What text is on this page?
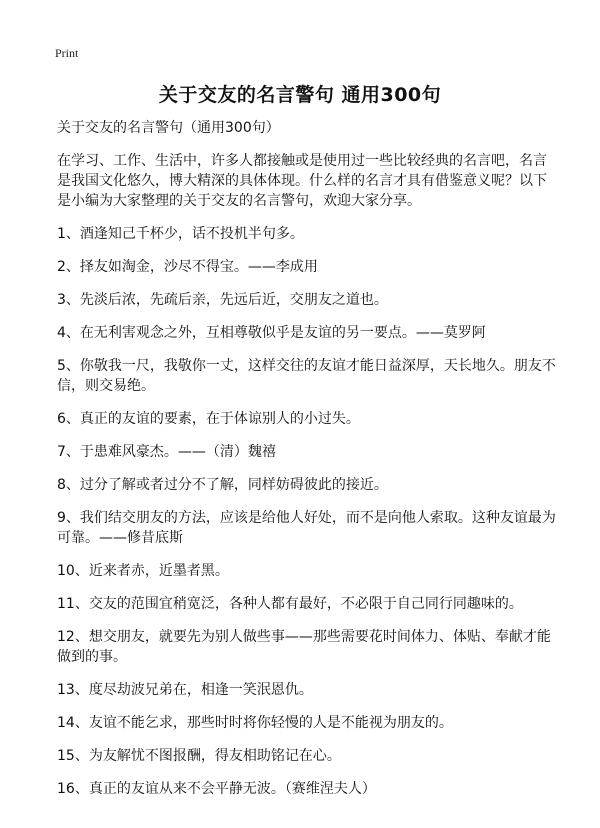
Print
关于交友的名言警句 通用300句

关于交友的名言警句（通用300句）

在学习、工作、生活中，许多人都接触或是使用过一些比较经典的名言吧，名言是我国文化悠久，博大精深的具体体现。什么样的名言才具有借鉴意义呢？以下是小编为大家整理的关于交友的名言警句，欢迎大家分享。

1、酒逢知己千杯少，话不投机半句多。

2、择友如淘金，沙尽不得宝。——李成用

3、先淡后浓，先疏后亲，先远后近，交朋友之道也。

4、在无利害观念之外，互相尊敬似乎是友谊的另一要点。——莫罗阿

5、你敬我一尺，我敬你一丈，这样交往的友谊才能日益深厚，天长地久。朋友不信，则交易绝。

6、真正的友谊的要素，在于体谅别人的小过失。

7、于患难风豪杰。——（清）魏禧

8、过分了解或者过分不了解，同样妨碍彼此的接近。

9、我们结交朋友的方法，应该是给他人好处，而不是向他人索取。这种友谊最为可靠。——修昔底斯

10、近来者赤，近墨者黑。

11、交友的范围宜稍宽泛，各种人都有最好，不必限于自己同行同趣味的。

12、想交朋友，就要先为别人做些事——那些需要花时间体力、体贴、奉献才能做到的事。

13、度尽劫波兄弟在，相逢一笑泯恩仇。

14、友谊不能乞求，那些时时将你轻慢的人是不能视为朋友的。

15、为友解忧不图报酬，得友相助铭记在心。

16、真正的友谊从来不会平静无波。（赛维涅夫人）
